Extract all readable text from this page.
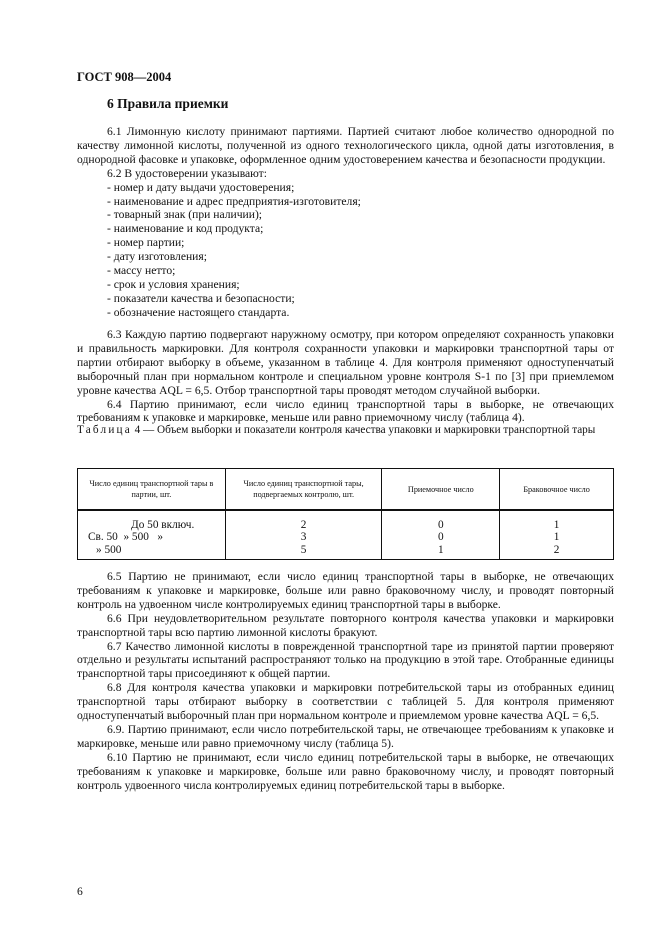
ГОСТ 908—2004
6 Правила приемки

6.1 Лимонную кислоту принимают партиями. Партией считают любое количество однородной по качеству лимонной кислоты, полученной из одного технологического цикла, одной даты изготовления, в однородной фасовке и упаковке, оформленное одним удостоверением качества и безопасности продукции.

6.2 В удостоверении указывают:

- номер и дату выдачи удостоверения;

- наименование и адрес предприятия-изготовителя;

- товарный знак (при наличии);

- наименование и код продукта;

- номер партии;

- дату изготовления;

- массу нетто;

- срок и условия хранения;

- показатели качества и безопасности;

- обозначение настоящего стандарта.

6.3 Каждую партию подвергают наружному осмотру, при котором определяют сохранность упаковки и правильность маркировки. Для контроля сохранности упаковки и маркировки транспортной тары от партии отбирают выборку в объеме, указанном в таблице 4. Для контроля применяют одноступенчатый выборочный план при нормальном контроле и специальном уровне контроля S-1 по [3] при приемлемом уровне качества AQL = 6,5. Отбор транспортной тары проводят методом случайной выборки.

6.4 Партию принимают, если число единиц транспортной тары в выборке, не отвечающих требованиям к упаковке и маркировке, меньше или равно приемочному числу (таблица 4).

Таблица 4 — Объем выборки и показатели контроля качества упаковки и маркировки транспортной тары
Число единиц транспортной тары в партии, шт.	Число единиц транспортной тары, подвергаемых контролю, шт.	Приемочное число	Браковочное число
До 50 включ.	2	0	1
Св. 50  » 500   »	3	0	1
» 500	5	1	2

6.5 Партию не принимают, если число единиц транспортной тары в выборке, не отвечающих требованиям к упаковке и маркировке, больше или равно браковочному числу, и проводят повторный контроль на удвоенном числе контролируемых единиц транспортной тары в выборке.

6.6 При неудовлетворительном результате повторного контроля качества упаковки и маркировки транспортной тары всю партию лимонной кислоты бракуют.

6.7 Качество лимонной кислоты в поврежденной транспортной таре из принятой партии проверяют отдельно и результаты испытаний распространяют только на продукцию в этой таре. Отобранные единицы транспортной тары присоединяют к общей партии.

6.8 Для контроля качества упаковки и маркировки потребительской тары из отобранных единиц транспортной тары отбирают выборку в соответствии с таблицей 5. Для контроля применяют одноступенчатый выборочный план при нормальном контроле и приемлемом уровне качества AQL = 6,5.

6.9. Партию принимают, если число потребительской тары, не отвечающее требованиям к упаковке и маркировке, меньше или равно приемочному числу (таблица 5).

6.10 Партию не принимают, если число единиц потребительской тары в выборке, не отвечающих требованиям к упаковке и маркировке, больше или равно браковочному числу, и проводят повторный контроль удвоенного числа контролируемых единиц потребительской тары в выборке.

6
